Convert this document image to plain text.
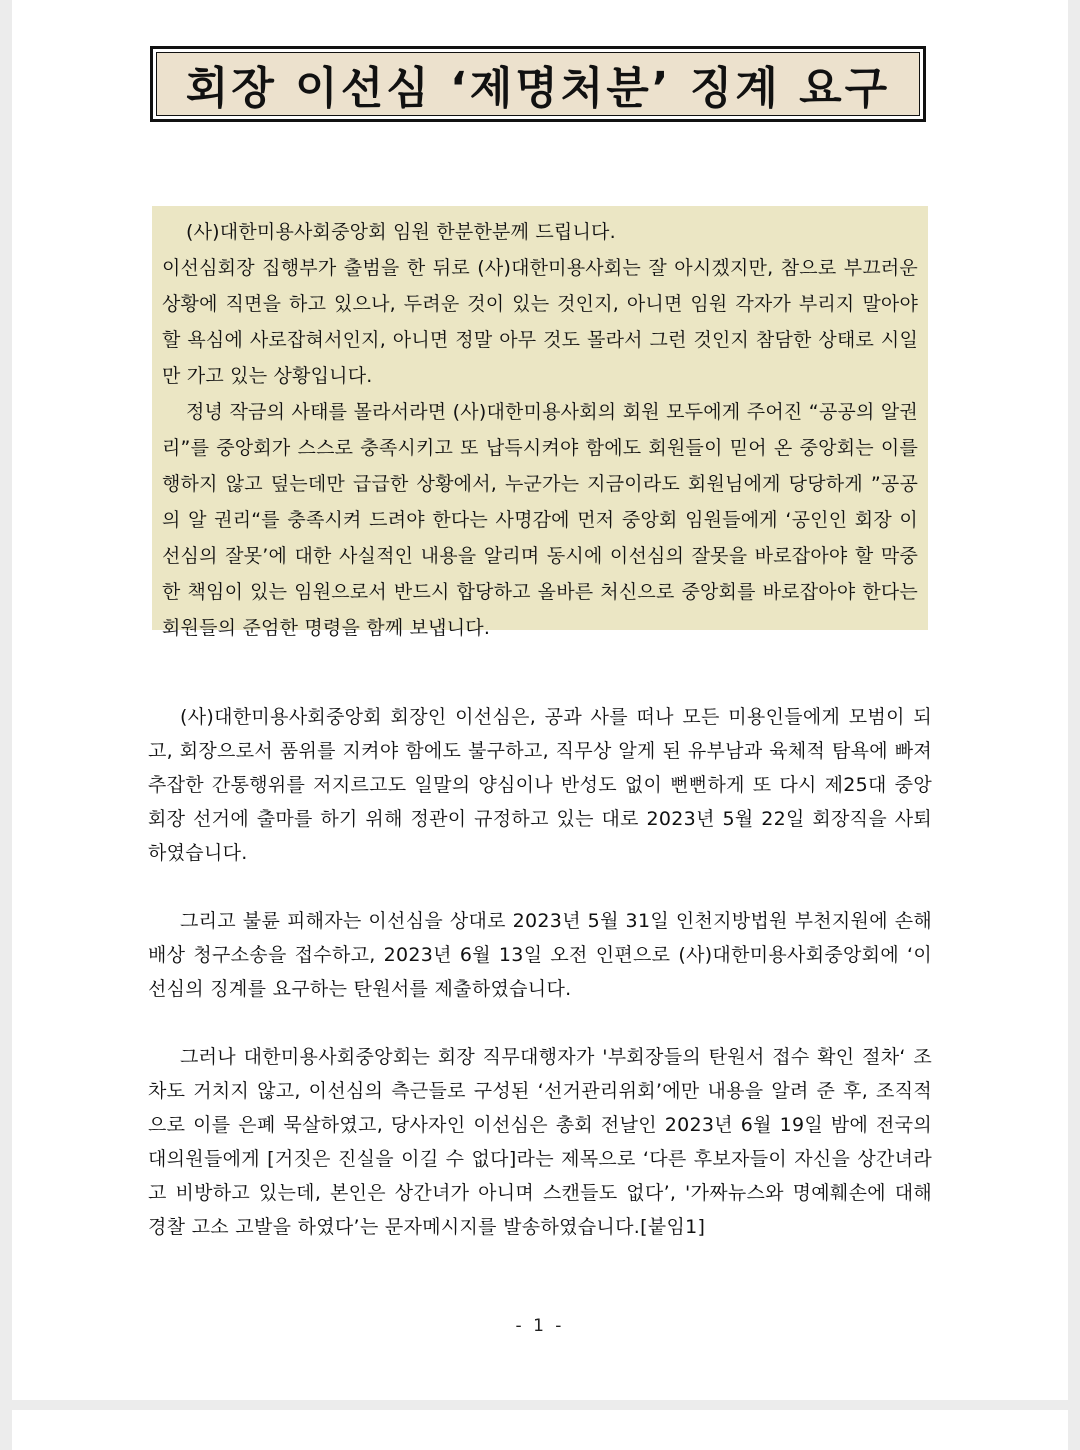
회장 이선심 ‘제명처분’ 징계 요구

(사)대한미용사회중앙회 임원 한분한분께 드립니다.

이선심회장 집행부가 출범을 한 뒤로 (사)대한미용사회는 잘 아시겠지만, 참으로 부끄러운 상황에 직면을 하고 있으나, 두려운 것이 있는 것인지, 아니면 임원 각자가 부리지 말아야 할 욕심에 사로잡혀서인지, 아니면 정말 아무 것도 몰라서 그런 것인지 참담한 상태로 시일만 가고 있는 상황입니다.

정녕 작금의 사태를 몰라서라면 (사)대한미용사회의 회원 모두에게 주어진 “공공의 알권리”를 중앙회가 스스로 충족시키고 또 납득시켜야 함에도 회원들이 믿어 온 중앙회는 이를 행하지 않고 덮는데만 급급한 상황에서, 누군가는 지금이라도 회원님에게 당당하게 ”공공의 알 권리“를 충족시켜 드려야 한다는 사명감에 먼저 중앙회 임원들에게 ‘공인인 회장 이선심의 잘못’에 대한 사실적인 내용을 알리며 동시에 이선심의 잘못을 바로잡아야 할 막중한 책임이 있는 임원으로서 반드시 합당하고 올바른 처신으로 중앙회를 바로잡아야 한다는 회원들의 준엄한 명령을 함께 보냅니다.

(사)대한미용사회중앙회 회장인 이선심은, 공과 사를 떠나 모든 미용인들에게 모범이 되고, 회장으로서 품위를 지켜야 함에도 불구하고, 직무상 알게 된 유부남과 육체적 탐욕에 빠져 추잡한 간통행위를 저지르고도 일말의 양심이나 반성도 없이 뻔뻔하게 또 다시 제25대 중앙회장 선거에 출마를 하기 위해 정관이 규정하고 있는 대로 2023년 5월 22일 회장직을 사퇴하였습니다.

그리고 불륜 피해자는 이선심을 상대로 2023년 5월 31일 인천지방법원 부천지원에 손해배상 청구소송을 접수하고, 2023년 6월 13일 오전 인편으로 (사)대한미용사회중앙회에 ‘이선심의 징계를 요구하는 탄원서를 제출하였습니다.

그러나 대한미용사회중앙회는 회장 직무대행자가 '부회장들의 탄원서 접수 확인 절차‘ 조차도 거치지 않고, 이선심의 측근들로 구성된 ‘선거관리위회’에만 내용을 알려 준 후, 조직적으로 이를 은폐 묵살하였고, 당사자인 이선심은 총회 전날인 2023년 6월 19일 밤에 전국의 대의원들에게 [거짓은 진실을 이길 수 없다]라는 제목으로 ‘다른 후보자들이 자신을 상간녀라고 비방하고 있는데, 본인은 상간녀가 아니며 스캔들도 없다’, '가짜뉴스와 명예훼손에 대해 경찰 고소 고발을 하였다’는 문자메시지를 발송하였습니다.[붙임1]

- 1 -
